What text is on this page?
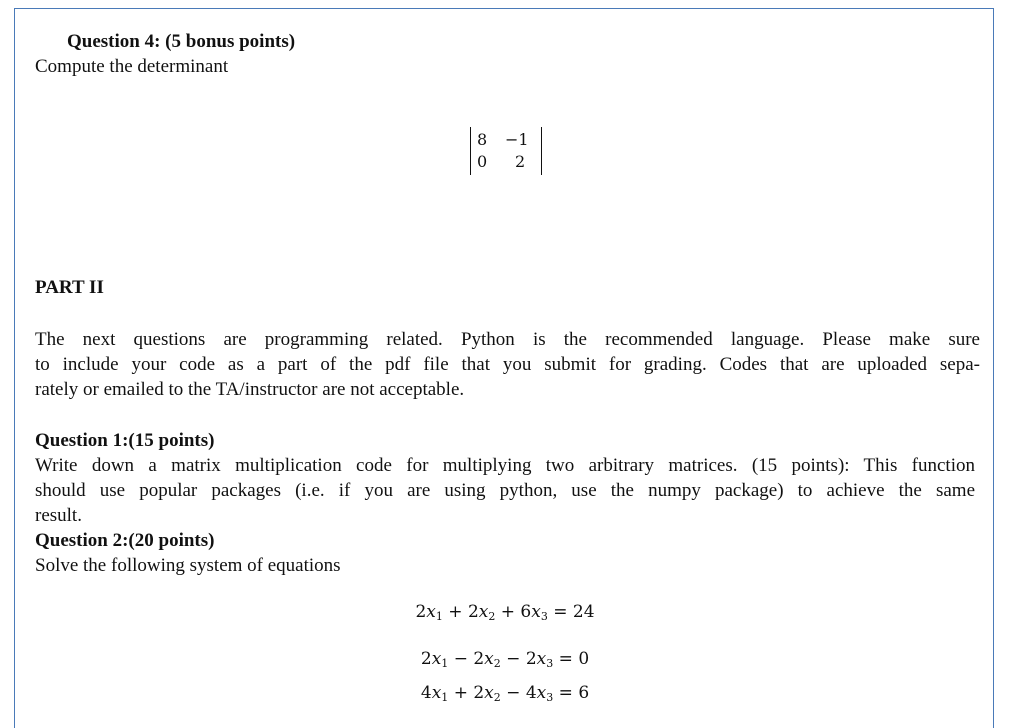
Question 4: (5 bonus points)
Compute the determinant
8 −1
0 2
PART II
The next questions are programming related. Python is the recommended language. Please make sure
to include your code as a part of the pdf file that you submit for grading. Codes that are uploaded sepa-
rately or emailed to the TA/instructor are not acceptable.
Question 1:(15 points)
Write down a matrix multiplication code for multiplying two arbitrary matrices. (15 points): This function
should use popular packages (i.e. if you are using python, use the numpy package) to achieve the same
result.
Question 2:(20 points)
Solve the following system of equations
$2x_1 + 2x_2 + 6x_3 = 24$
$2x_1 - 2x_2 - 2x_3 = 0$
$4x_1 + 2x_2 - 4x_3 = 6$
